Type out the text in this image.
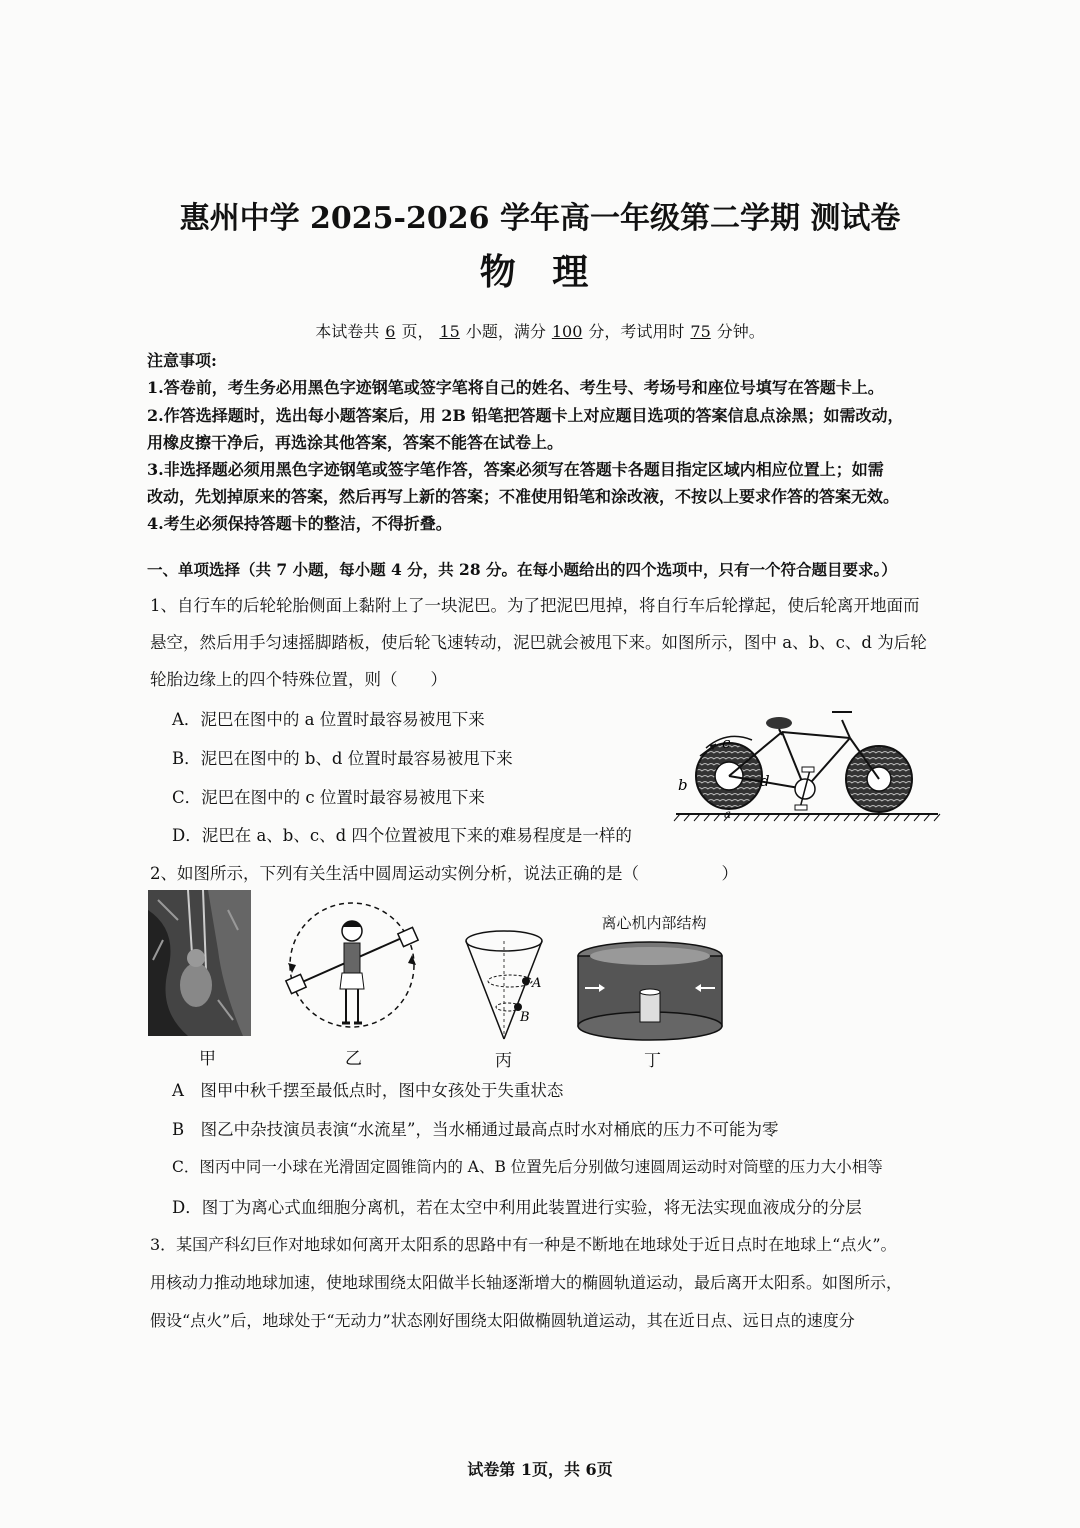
惠州中学 2025-2026 学年高一年级第二学期 测试卷
物 理
本试卷共 6 页， 15 小题，满分 100 分，考试用时 75 分钟。
注意事项:
1.答卷前，考生务必用黑色字迹钢笔或签字笔将自己的姓名、考生号、考场号和座位号填写在答题卡上。
2.作答选择题时，选出每小题答案后，用 2B 铅笔把答题卡上对应题目选项的答案信息点涂黑；如需改动，
用橡皮擦干净后，再选涂其他答案，答案不能答在试卷上。
3.非选择题必须用黑色字迹钢笔或签字笔作答，答案必须写在答题卡各题目指定区域内相应位置上；如需
改动，先划掉原来的答案，然后再写上新的答案；不准使用铅笔和涂改液，不按以上要求作答的答案无效。
4.考生必须保持答题卡的整洁，不得折叠。
一、单项选择（共 7 小题，每小题 4 分，共 28 分。在每小题给出的四个选项中，只有一个符合题目要求。）
1、自行车的后轮轮胎侧面上黏附上了一块泥巴。为了把泥巴甩掉，将自行车后轮撑起，使后轮离开地面而
悬空，然后用手匀速摇脚踏板，使后轮飞速转动，泥巴就会被甩下来。如图所示，图中 a、b、c、d 为后轮
轮胎边缘上的四个特殊位置，则（　　）
A．泥巴在图中的 a 位置时最容易被甩下来
B．泥巴在图中的 b、d 位置时最容易被甩下来
C．泥巴在图中的 c 位置时最容易被甩下来
D．泥巴在 a、b、c、d 四个位置被甩下来的难易程度是一样的
c
b	d
a
2、如图所示，下列有关生活中圆周运动实例分析，说法正确的是（　　　　　）
A
B
离心机内部结构
甲	乙	丙	丁
A　图甲中秋千摆至最低点时，图中女孩处于失重状态
B　图乙中杂技演员表演“水流星”，当水桶通过最高点时水对桶底的压力不可能为零
C．图丙中同一小球在光滑固定圆锥筒内的 A、B 位置先后分别做匀速圆周运动时对筒壁的压力大小相等
D．图丁为离心式血细胞分离机，若在太空中利用此装置进行实验，将无法实现血液成分的分层
3．某国产科幻巨作对地球如何离开太阳系的思路中有一种是不断地在地球处于近日点时在地球上“点火”。
用核动力推动地球加速，使地球围绕太阳做半长轴逐渐增大的椭圆轨道运动，最后离开太阳系。如图所示，
假设“点火”后，地球处于“无动力”状态刚好围绕太阳做椭圆轨道运动，其在近日点、远日点的速度分
试卷第 1页，共 6页
